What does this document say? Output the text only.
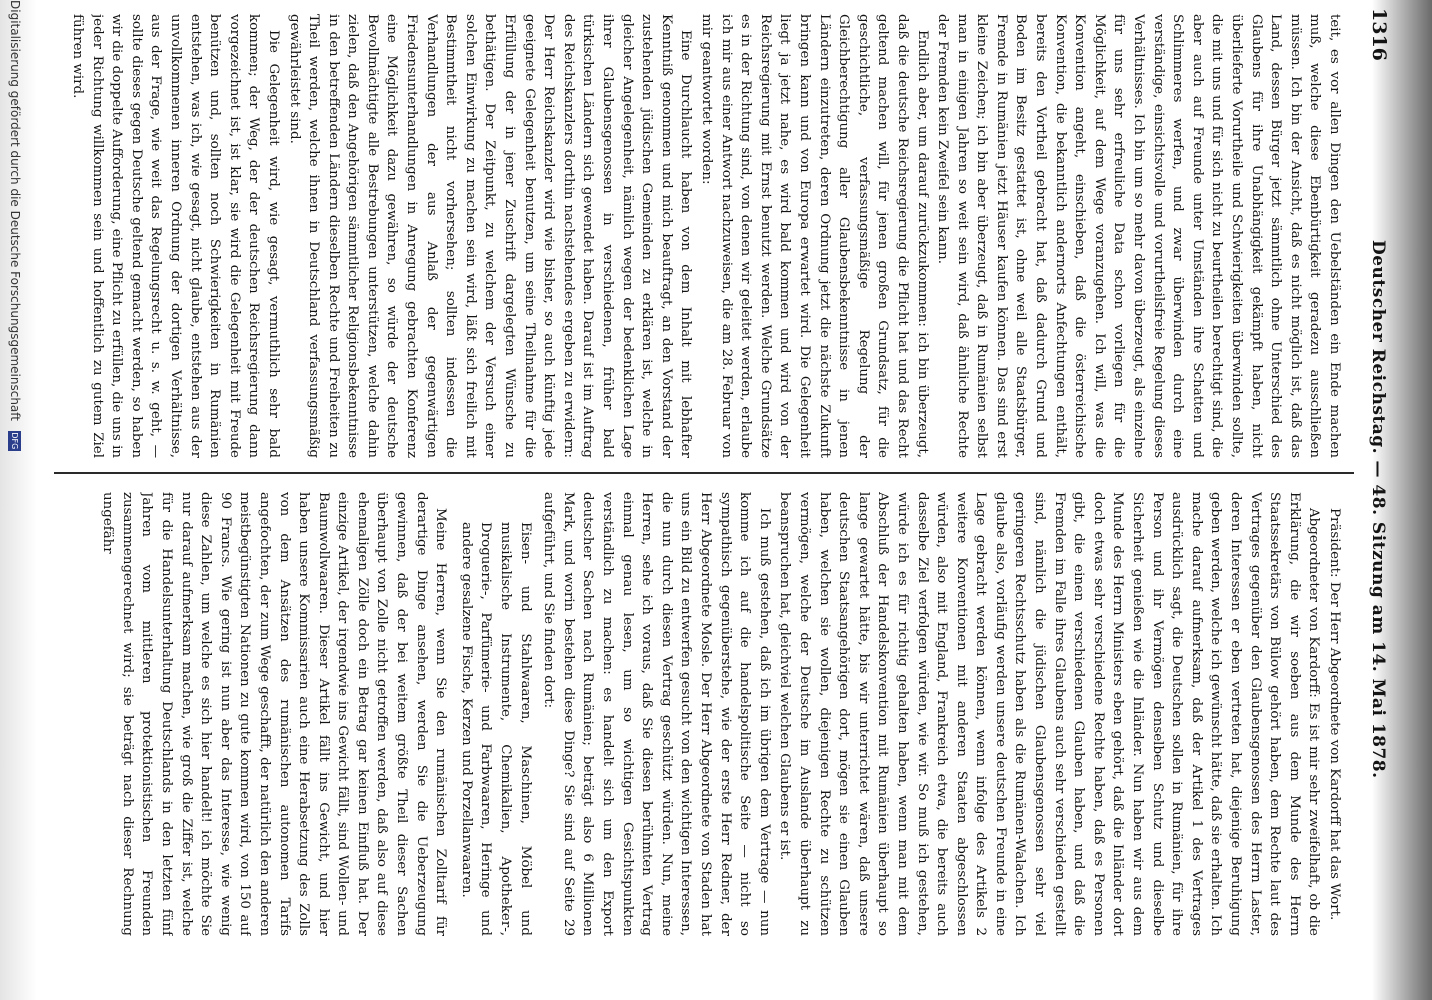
1316
Deutscher Reichstag. — 48. Sitzung am 14. Mai 1878.

teit, es vor allen Dingen den Uebelständen ein Ende machen muß, welche diese Ebenbürtigkeit geradezu ausschließen müssen. Ich bin der Ansicht, daß es nicht möglich ist, daß das Land, dessen Bürger jetzt sämmtlich ohne Unterschied des Glaubens für ihre Unabhängigkeit gekämpft haben, nicht überlieferte Vorurtheile und Schwierigkeiten überwinden sollte, die mit uns und für sich nicht zu beurtheilen berechtigt sind, die aber auch auf Freunde unter Umständen ihre Schatten und Schlimmeres werfen, und zwar überwinden durch eine verständige, einsichtsvolle und vorurtheilsfreie Regelung dieses Verhältnisses. Ich bin um so mehr davon überzeugt, als einzelne für uns sehr erfreuliche Data schon vorliegen für die Möglichkeit, auf dem Wege voranzugehen. Ich will, was die Konvention angeht, einschieben, daß die österreichische Konvention, die bekanntlich andernorts Anfechtungen enthält, bereits den Vortheil gebracht hat, daß dadurch Grund und Boden im Besitz gestattet ist, ohne weil alle Staatsbürger, Fremde in Rumänien jetzt Häuser kaufen können. Das sind erst kleine Zeichen; ich bin aber überzeugt, daß in Rumänien selbst man in einigen Jahren so weit sein wird, daß ähnliche Rechte der Fremden kein Zweifel sein kann.

Endlich aber, um darauf zurückzukommen: ich bin überzeugt, daß die deutsche Reichsregierung die Pflicht hat und das Recht geltend machen will, für jenen großen Grundsatz, für die geschichtliche, verfassungsmäßige Regelung der Gleichberechtigung aller Glaubensbekenntnisse in jenen Ländern einzutreten, deren Ordnung jetzt die nächste Zukunft bringen kann und von Europa erwartet wird. Die Gelegenheit liegt ja jetzt nahe, es wird bald kommen und wird von der Reichsregierung mit Ernst benutzt werden. Welche Grundsätze es in der Richtung sind, von denen wir geleitet werden, erlaube ich mir aus einer Antwort nachzuweisen, die am 28. Februar von mir geantwortet worden:

Eine Durchlaucht haben von dem Inhalt mit lebhafter Kenntniß genommen und mich beauftragt, an den Vorstand der zustehenden jüdischen Gemeinden zu erklären ist, welche in gleicher Angelegenheit, nämlich wegen der bedenklichen Lage ihrer Glaubensgenossen in verschiedenen, früher bald türkischen Ländern sich gewendet haben. Darauf ist im Auftrag des Reichskanzlers dorthin nachstehendes ergeben zu erwidern: Der Herr Reichskanzler wird wie bisher, so auch künftig jede geeignete Gelegenheit benutzen, um seine Theilnahme für die Erfüllung der in jener Zuschrift dargelegten Wünsche zu bethätigen. Der Zeitpunkt, zu welchem der Versuch einer solchen Einwirkung zu machen sein wird, läßt sich freilich mit Bestimmtheit nicht vorhersehen; sollten indessen die Verhandlungen der aus Anlaß der gegenwärtigen Friedensunterhandlungen in Anregung gebrachten Konferenz eine Möglichkeit dazu gewähren, so würde der deutsche Bevollmächtigte alle Bestrebungen unterstützen, welche dahin zielen, daß den Angehörigen sämmtlicher Religionsbekenntnisse in den betreffenden Ländern dieselben Rechte und Freiheiten zu Theil werden, welche ihnen in Deutschland verfassungsmäßig gewährleistet sind.

Die Gelegenheit wird, wie gesagt, vermuthlich sehr bald kommen; der Weg, der der deutschen Reichsregierung dann vorgezeichnet ist, ist klar, sie wird die Gelegenheit mit Freude benützen und, sollten noch Schwierigkeiten in Rumänien entstehen, was ich, wie gesagt, nicht glaube, entstehen aus der unvollkommenen inneren Ordnung der dortigen Verhältnisse, aus der Frage, wie weit das Regelungsrecht u. s. w. geht, — sollte dieses gegen Deutsche geltend gemacht werden, so haben wir die doppelte Aufforderung, eine Pflicht zu erfüllen, die uns in jeder Richtung willkommen sein und hoffentlich zu gutem Ziel führen wird.

Präsident: Der Herr Abgeordnete von Kardorff hat das Wort.

Abgeordneter von Kardorff: Es ist mir sehr zweifelhaft, ob die Erklärung, die wir soeben aus dem Munde des Herrn Staatssekretärs von Bülow gehört haben, dem Rechte laut des Vertrages gegenüber den Glaubensgenossen des Herrn Laster, deren Interessen er eben vertreten hat, diejenige Beruhigung geben werden, welche ich gewünscht hätte, daß sie erhalten. Ich mache darauf aufmerksam, daß der Artikel 1 des Vertrages ausdrücklich sagt, die Deutschen sollen in Rumänien, für ihre Person und ihr Vermögen denselben Schutz und dieselbe Sicherheit genießen wie die Inländer. Nun haben wir aus dem Munde des Herrn Ministers eben gehört, daß die Inländer dort doch etwas sehr verschiedene Rechte haben, daß es Personen gibt, die einen verschiedenen Glauben haben, und daß die Fremden im Falle ihres Glaubens auch sehr verschieden gestellt sind, nämlich die jüdischen Glaubensgenossen sehr viel geringeren Rechtsschutz haben als die Rumänen-Walachen. Ich glaube also, vorläufig werden unsere deutschen Freunde in eine Lage gebracht werden können, wenn infolge des Artikels 2 weitere Konventionen mit anderen Staaten abgeschlossen würden, also mit England, Frankreich etwa, die bereits auch dasselbe Ziel verfolgen würden, wie wir. So muß ich gestehen, würde ich es für richtig gehalten haben, wenn man mit dem Abschluß der Handelskonvention mit Rumänien überhaupt so lange gewartet hätte, bis wir unterrichtet wären, daß unsere deutschen Staatsangehörigen dort, mögen sie einen Glauben haben, welchen sie wollen, diejenigen Rechte zu schützen vermögen, welche der Deutsche im Auslande überhaupt zu beanspruchen hat, gleichviel welchen Glaubens er ist.

Ich muß gestehen, daß ich im übrigen dem Vertrage — nun komme ich auf die handelspolitische Seite — nicht so sympathisch gegenüberstehe, wie der erste Herr Redner, der Herr Abgeordnete Mosle. Der Herr Abgeordnete von Staden hat uns ein Bild zu entwerfen gesucht von den wichtigen Interessen, die nun durch diesen Vertrag geschützt würden. Nun, meine Herren, sehe ich voraus, daß Sie diesen berühmten Vertrag einmal genau lesen, um so wichtigen Gesichtspunkten verständlich zu machen: es handelt sich um den Export deutscher Sachen nach Rumänien; beträgt also 6 Millionen Mark, und worin bestehen diese Dinge? Sie sind auf Seite 29 aufgeführt, und Sie finden dort:

Eisen- und Stahlwaaren, Maschinen, Möbel und musikalische Instrumente, Chemikalien, Apotheker-, Droguerie-, Parfümerie- und Farbwaaren, Heringe und andere gesalzene Fische, Kerzen und Porzellanwaaren.

Meine Herren, wenn Sie den rumänischen Zolltarif für derartige Dinge ansehen, werden Sie die Ueberzeugung gewinnen, daß der bei weitem größte Theil dieser Sachen überhaupt von Zolle nicht getroffen werden, daß also auf diese ehemaligen Zölle doch ein Betrag gar keinen Einfluß hat. Der einzige Artikel, der irgendwie ins Gewicht fällt, sind Wollen- und Baumwollwaaren. Dieser Artikel fällt ins Gewicht, und hier haben unsere Kommissarien auch eine Herabsetzung des Zolls von dem Ansätzen des rumänischen autonomen Tarifs angefochten, der zum Wege geschafft, der natürlich den anderen meistbegünstigten Nationen zu gute kommen wird, von 150 auf 90 Francs. Wie gering ist nun aber das Interesse, wie wenig diese Zahlen, um welche es sich hier handelt! ich möchte Sie nur darauf aufmerksam machen, wie groß die Ziffer ist, welche für die Handelsunterhaltung Deutschlands in den letzten fünf Jahren vom mittleren protektionistischen Freunden zusammengerechnet wird; sie beträgt nach dieser Rechnung ungefähr

Digitalisierung gefördert durch die Deutsche Forschungsgemeinschaft DFG
